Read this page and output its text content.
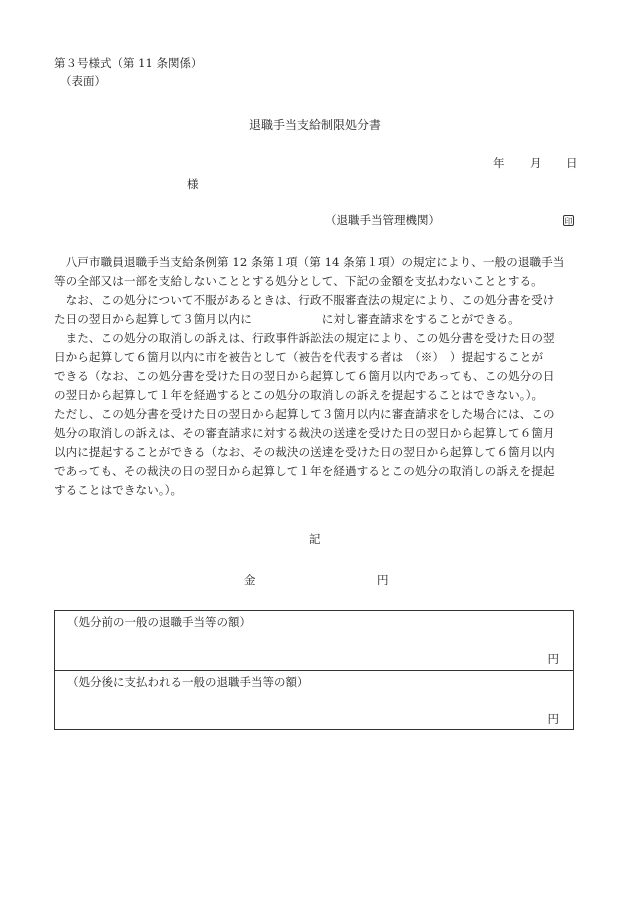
第３号様式（第 11 条関係）

（表面）

退職手当支給制限処分書

年 月 日

様

（退職手当管理機関）	印

　八戸市職員退職手当支給条例第 12 条第１項（第 14 条第１項）の規定により、一般の退職手当

等の全部又は一部を支給しないこととする処分として、下記の金額を支払わないこととする。

　なお、この処分について不服があるときは、行政不服審査法の規定により、この処分書を受け

た日の翌日から起算して３箇月以内に　　　　　　に対し審査請求をすることができる。

　また、この処分の取消しの訴えは、行政事件訴訟法の規定により、この処分書を受けた日の翌

日から起算して６箇月以内に市を被告として（被告を代表する者は　（※）　）提起することが

できる（なお、この処分書を受けた日の翌日から起算して６箇月以内であっても、この処分の日

の翌日から起算して１年を経過するとこの処分の取消しの訴えを提起することはできない。）。

ただし、この処分書を受けた日の翌日から起算して３箇月以内に審査請求をした場合には、この

処分の取消しの訴えは、その審査請求に対する裁決の送達を受けた日の翌日から起算して６箇月

以内に提起することができる（なお、その裁決の送達を受けた日の翌日から起算して６箇月以内

であっても、その裁決の日の翌日から起算して１年を経過するとこの処分の取消しの訴えを提起

することはできない。）。

記

金	円

（処分前の一般の退職手当等の額）

円

（処分後に支払われる一般の退職手当等の額）

円
